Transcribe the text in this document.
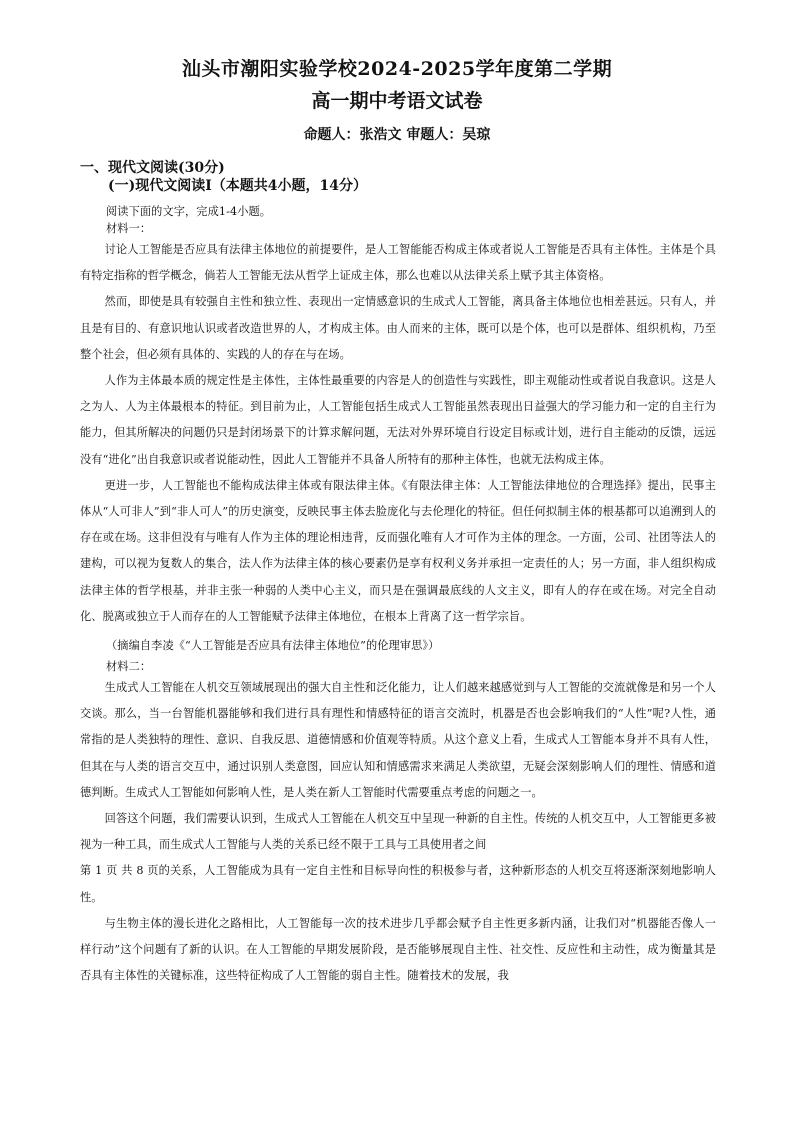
汕头市潮阳实验学校2024-2025学年度第二学期
高一期中考语文试卷
命题人：张浩文 审题人：吴琼
一、现代文阅读(30分)
(一)现代文阅读Ⅰ（本题共4小题，14分）

阅读下面的文字，完成1-4小题。

材料一：

讨论人工智能是否应具有法律主体地位的前提要件，是人工智能能否构成主体或者说人工智能是否具有主体性。主体是个具有特定指称的哲学概念，倘若人工智能无法从哲学上证成主体，那么也难以从法律关系上赋予其主体资格。

然而，即使是具有较强自主性和独立性、表现出一定情感意识的生成式人工智能，离具备主体地位也相差甚远。只有人，并且是有目的、有意识地认识或者改造世界的人，才构成主体。由人而来的主体，既可以是个体，也可以是群体、组织机构，乃至整个社会，但必须有具体的、实践的人的存在与在场。

人作为主体最本质的规定性是主体性，主体性最重要的内容是人的创造性与实践性，即主观能动性或者说自我意识。这是人之为人、人为主体最根本的特征。到目前为止，人工智能包括生成式人工智能虽然表现出日益强大的学习能力和一定的自主行为能力，但其所解决的问题仍只是封闭场景下的计算求解问题，无法对外界环境自行设定目标或计划，进行自主能动的反馈，远远没有“进化”出自我意识或者说能动性，因此人工智能并不具备人所特有的那种主体性，也就无法构成主体。

更进一步，人工智能也不能构成法律主体或有限法律主体。《有限法律主体：人工智能法律地位的合理选择》提出，民事主体从“人可非人”到“非人可人”的历史演变，反映民事主体去脸庞化与去伦理化的特征。但任何拟制主体的根基都可以追溯到人的存在或在场。这非但没有与唯有人作为主体的理论相违背，反而强化唯有人才可作为主体的理念。一方面，公司、社团等法人的建构，可以视为复数人的集合，法人作为法律主体的核心要素仍是享有权利义务并承担一定责任的人；另一方面，非人组织构成法律主体的哲学根基，并非主张一种弱的人类中心主义，而只是在强调最底线的人文主义，即有人的存在或在场。对完全自动化、脱离或独立于人而存在的人工智能赋予法律主体地位，在根本上背离了这一哲学宗旨。

（摘编自李凌《“人工智能是否应具有法律主体地位”的伦理审思》）

材料二：

生成式人工智能在人机交互领域展现出的强大自主性和泛化能力，让人们越来越感觉到与人工智能的交流就像是和另一个人交谈。那么，当一台智能机器能够和我们进行具有理性和情感特征的语言交流时，机器是否也会影响我们的“人性”呢?人性，通常指的是人类独特的理性、意识、自我反思、道德情感和价值观等特质。从这个意义上看，生成式人工智能本身并不具有人性，但其在与人类的语言交互中，通过识别人类意图，回应认知和情感需求来满足人类欲望，无疑会深刻影响人们的理性、情感和道德判断。生成式人工智能如何影响人性，是人类在新人工智能时代需要重点考虑的问题之一。

回答这个问题，我们需要认识到，生成式人工智能在人机交互中呈现一种新的自主性。传统的人机交互中，人工智能更多被视为一种工具，而生成式人工智能与人类的关系已经不限于工具与工具使用者之间

第 1 页 共 8 页的关系，人工智能成为具有一定自主性和目标导向性的积极参与者，这种新形态的人机交互将逐渐深刻地影响人性。

与生物主体的漫长进化之路相比，人工智能每一次的技术进步几乎都会赋予自主性更多新内涵，让我们对“机器能否像人一样行动”这个问题有了新的认识。在人工智能的早期发展阶段，是否能够展现自主性、社交性、反应性和主动性，成为衡量其是否具有主体性的关键标准，这些特征构成了人工智能的弱自主性。随着技术的发展，我
